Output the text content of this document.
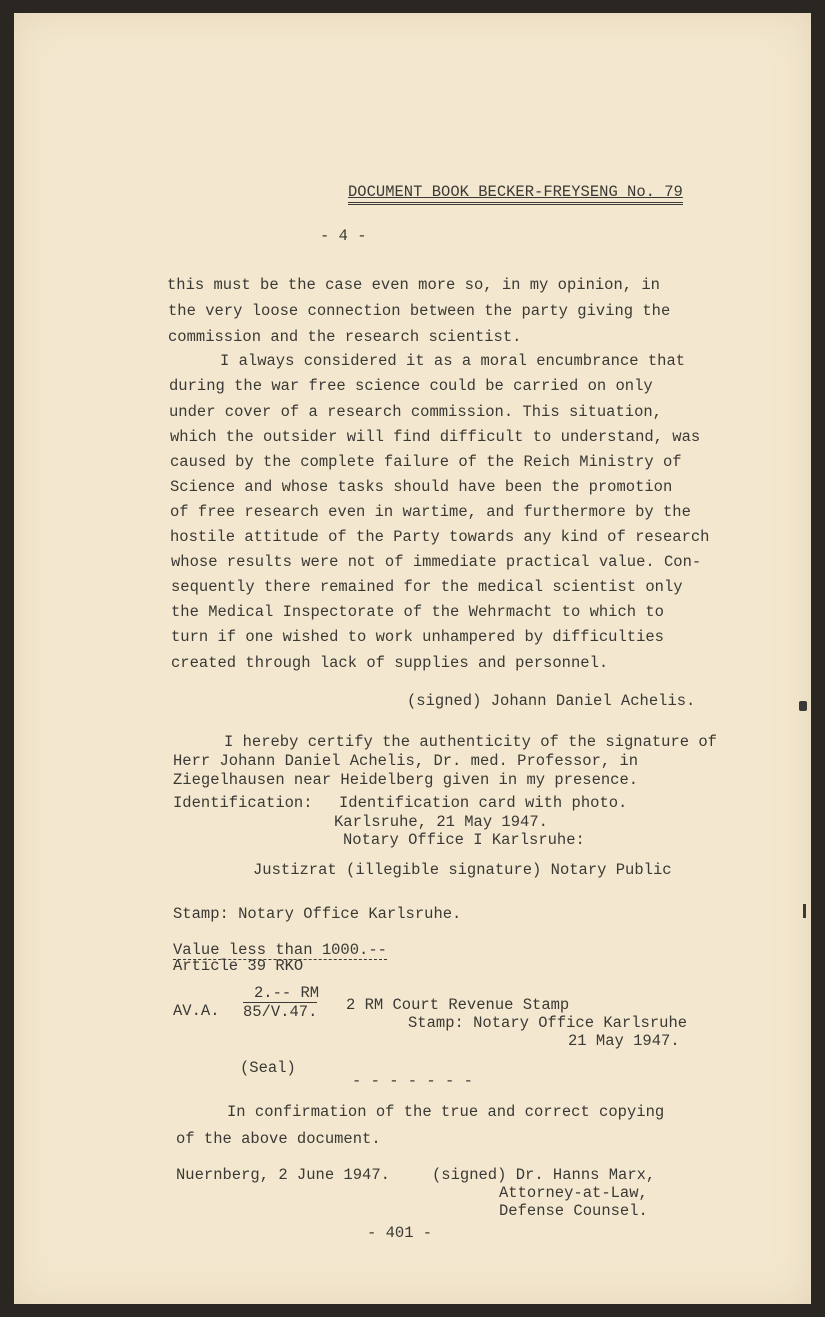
DOCUMENT BOOK BECKER-FREYSENG No. 79
- 4 -
this must be the case even more so, in my opinion, in
the very loose connection between the party giving the
commission and the research scientist.
I always considered it as a moral encumbrance that
during the war free science could be carried on only
under cover of a research commission. This situation,
which the outsider will find difficult to understand, was
caused by the complete failure of the Reich Ministry of
Science and whose tasks should have been the promotion
of free research even in wartime, and furthermore by the
hostile attitude of the Party towards any kind of research
whose results were not of immediate practical value. Con-
sequently there remained for the medical scientist only
the Medical Inspectorate of the Wehrmacht to which to
turn if one wished to work unhampered by difficulties
created through lack of supplies and personnel.
(signed) Johann Daniel Achelis.
I hereby certify the authenticity of the signature of
Herr Johann Daniel Achelis, Dr. med. Professor, in
Ziegelhausen near Heidelberg given in my presence.
Identification: Identification card with photo.
Karlsruhe, 21 May 1947.
Notary Office I Karlsruhe:
Justizrat (illegible signature) Notary Public
Stamp: Notary Office Karlsruhe.
Value less than 1000.--
Article 39 RKO
2.-- RM
AV.A. 85/V.47. 2 RM Court Revenue Stamp
Stamp: Notary Office Karlsruhe
21 May 1947.
(Seal)
- - - - - - -
In confirmation of the true and correct copying
of the above document.
Nuernberg, 2 June 1947.	(signed) Dr. Hanns Marx,
Attorney-at-Law,
Defense Counsel.
- 401 -
